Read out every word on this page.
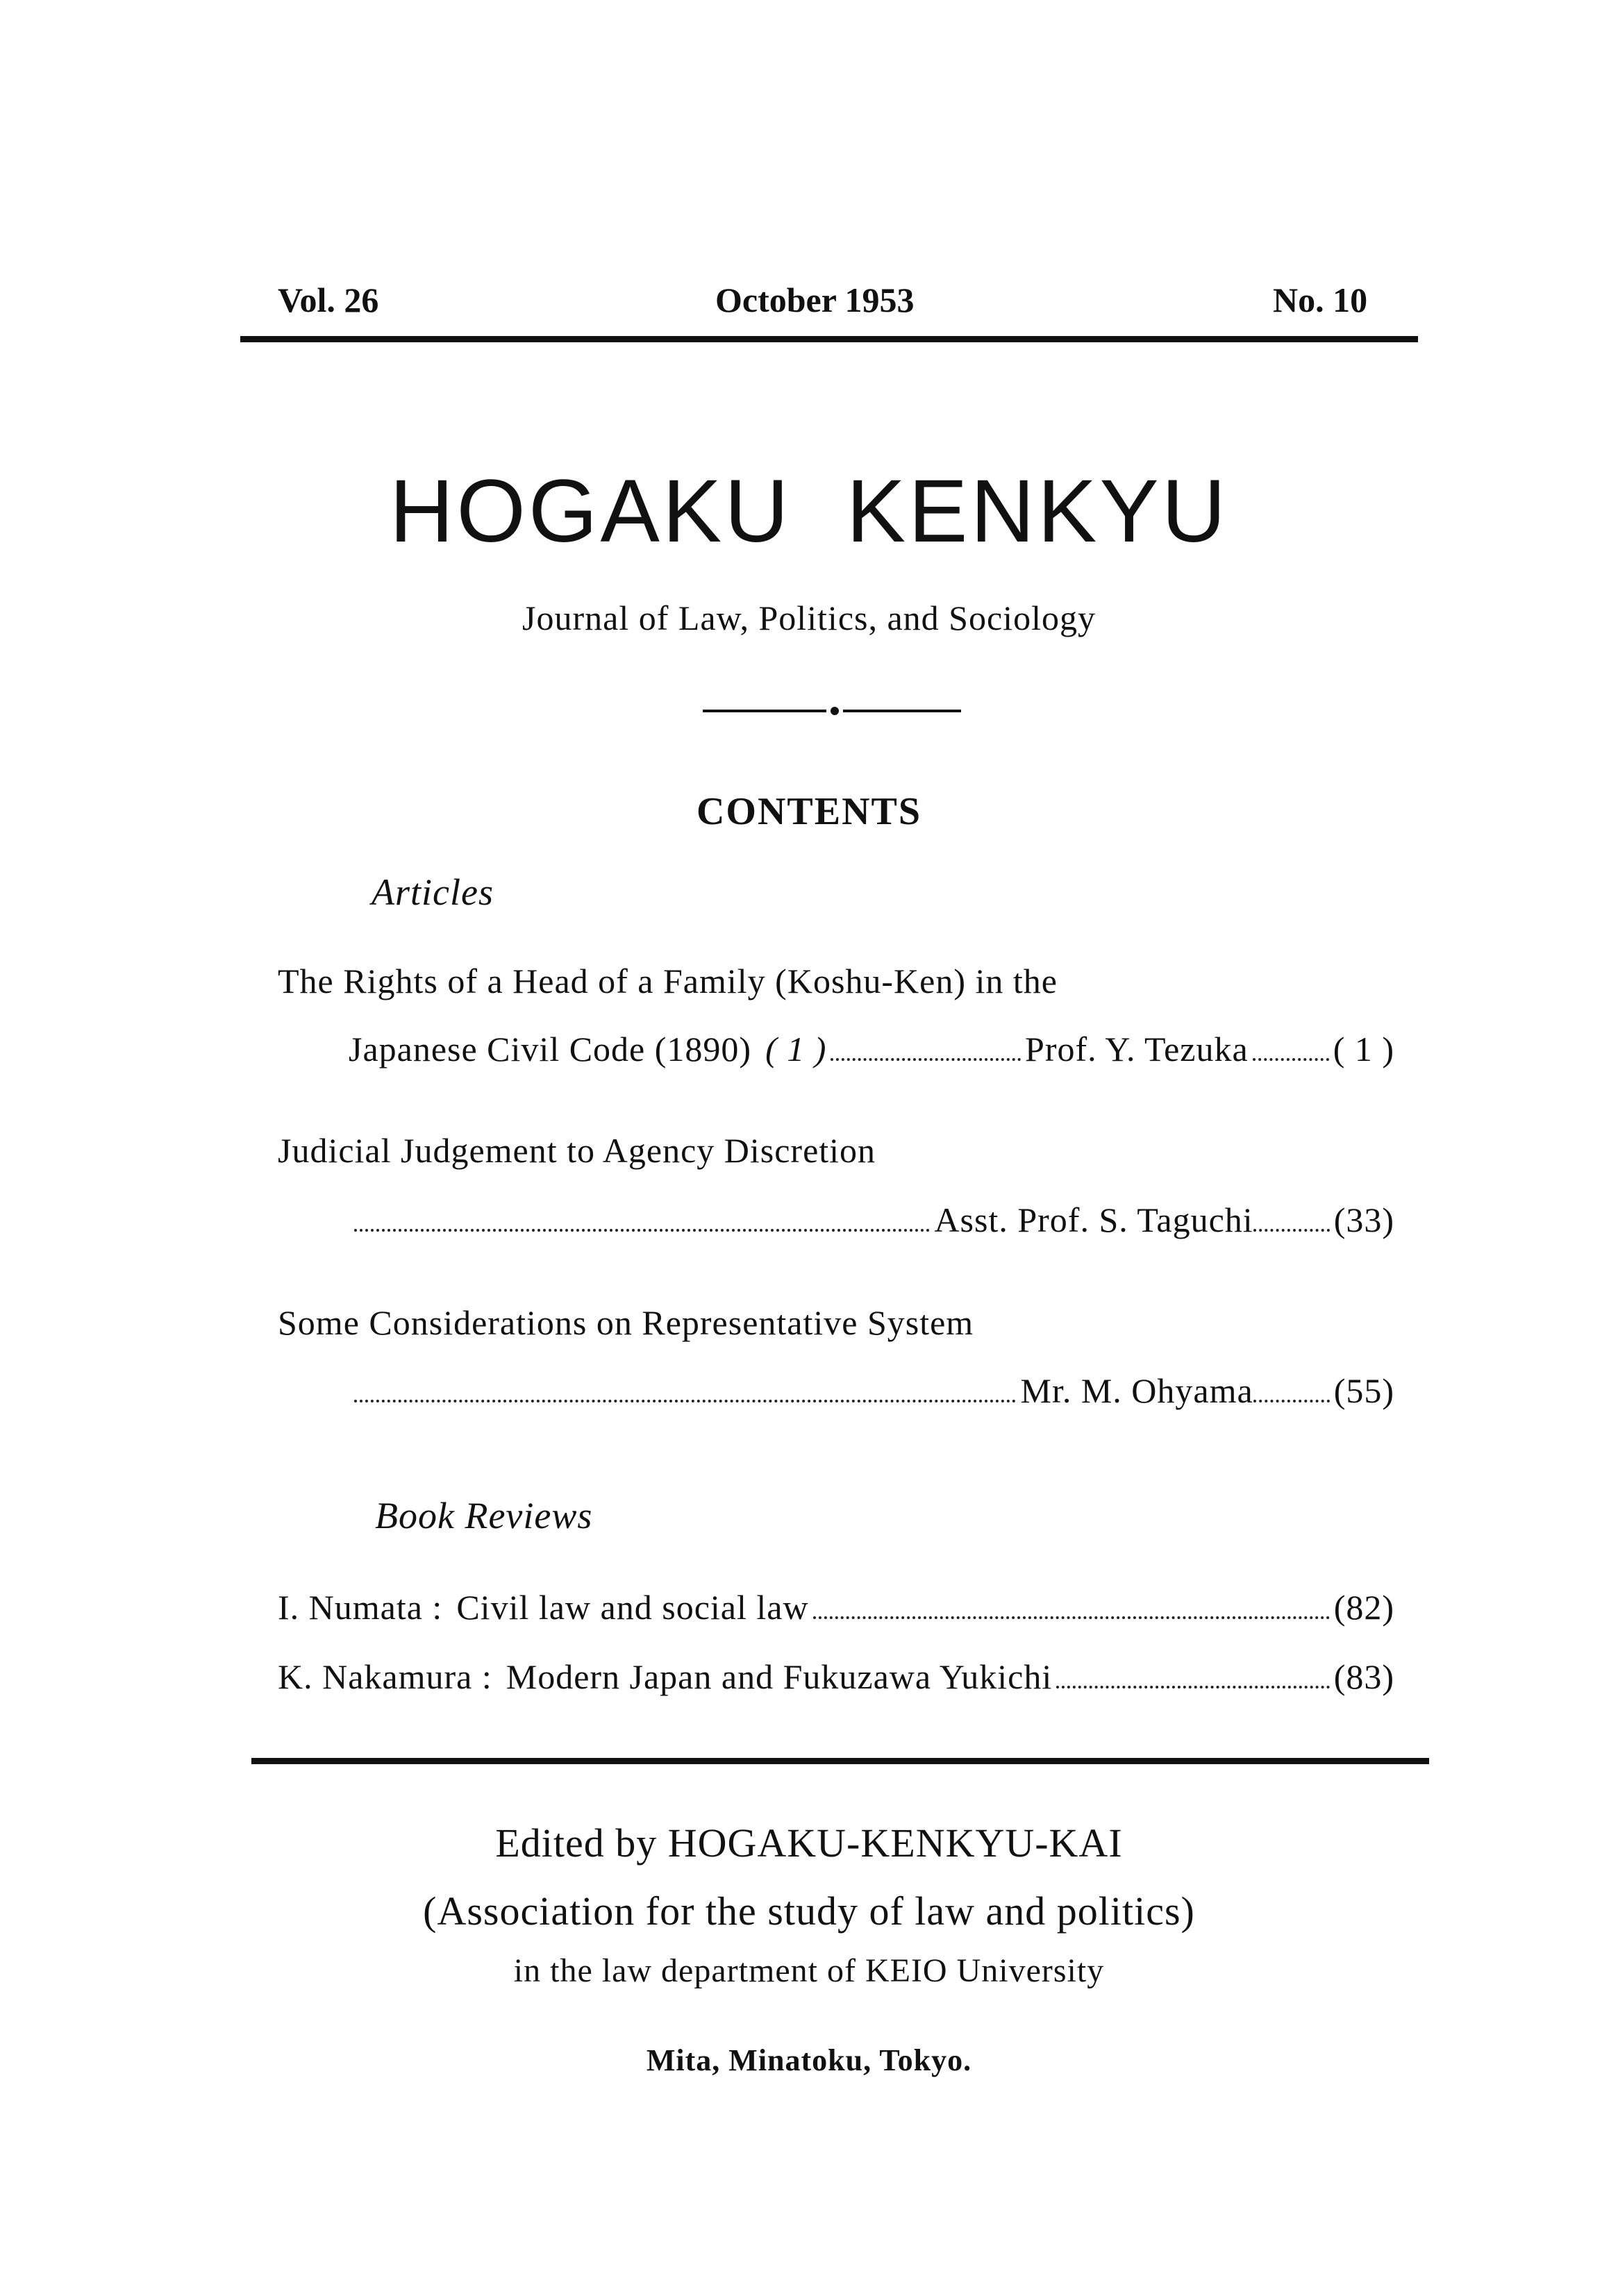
Vol. 26	October 1953	No. 10
HOGAKU  KENKYU
Journal of Law, Politics, and Sociology
CONTENTS
Articles
The Rights of a Head of a Family (Koshu-Ken) in the
Japanese Civil Code (1890) ( 1 )	Prof. Y. Tezuka ( 1 )
Judicial Judgement to Agency Discretion
Asst. Prof. S. Taguchi (33)
Some Considerations on Representative System
Mr. M. Ohyama (55)
Book Reviews
I. Numata : Civil law and social law	(82)
K. Nakamura : Modern Japan and Fukuzawa Yukichi	(83)
Edited by HOGAKU-KENKYU-KAI
(Association for the study of law and politics)
in the law department of KEIO University
Mita, Minatoku, Tokyo.
